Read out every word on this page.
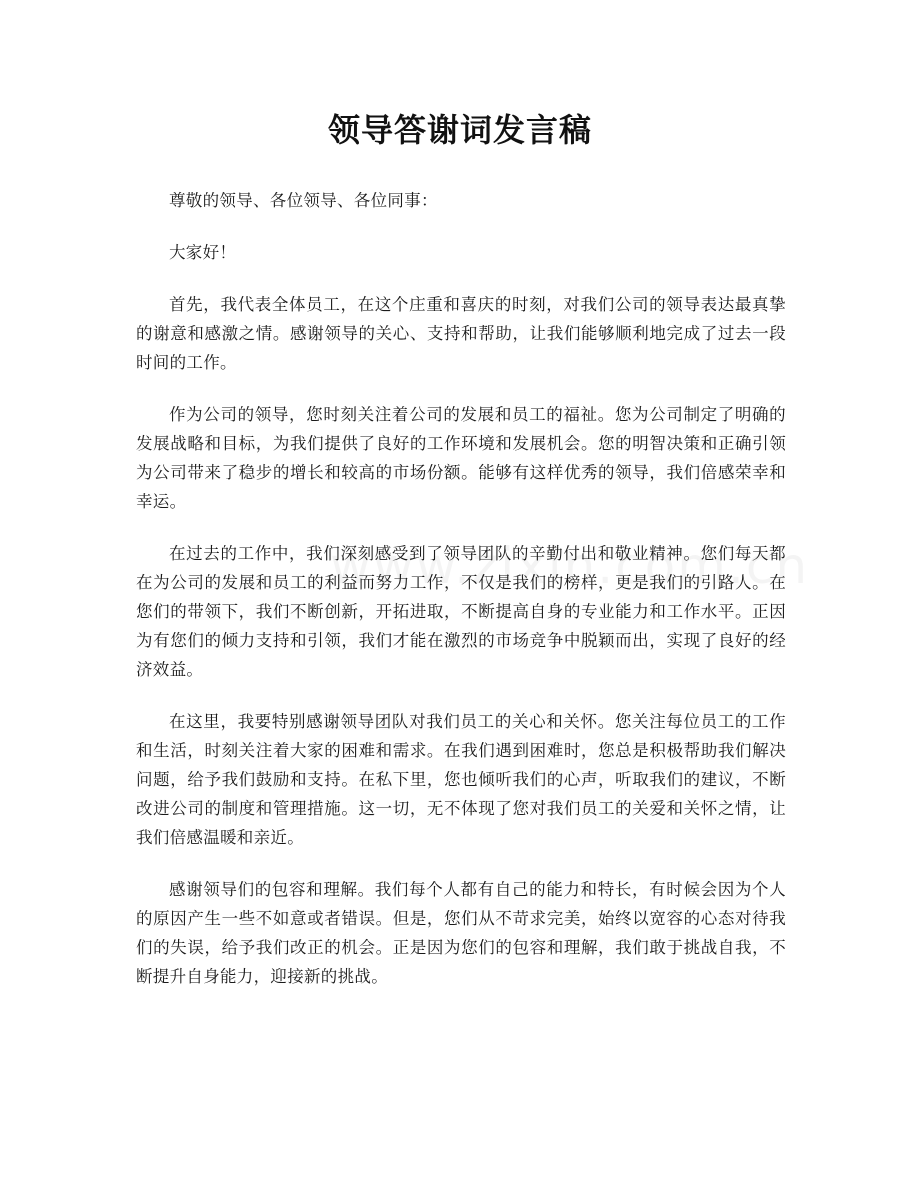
领导答谢词发言稿

尊敬的领导、各位领导、各位同事：

大家好！

首先，我代表全体员工，在这个庄重和喜庆的时刻，对我们公司的领导表达最真挚的谢意和感激之情。感谢领导的关心、支持和帮助，让我们能够顺利地完成了过去一段时间的工作。

作为公司的领导，您时刻关注着公司的发展和员工的福祉。您为公司制定了明确的发展战略和目标，为我们提供了良好的工作环境和发展机会。您的明智决策和正确引领为公司带来了稳步的增长和较高的市场份额。能够有这样优秀的领导，我们倍感荣幸和幸运。

在过去的工作中，我们深刻感受到了领导团队的辛勤付出和敬业精神。您们每天都在为公司的发展和员工的利益而努力工作，不仅是我们的榜样，更是我们的引路人。在您们的带领下，我们不断创新，开拓进取，不断提高自身的专业能力和工作水平。正因为有您们的倾力支持和引领，我们才能在激烈的市场竞争中脱颖而出，实现了良好的经济效益。

在这里，我要特别感谢领导团队对我们员工的关心和关怀。您关注每位员工的工作和生活，时刻关注着大家的困难和需求。在我们遇到困难时，您总是积极帮助我们解决问题，给予我们鼓励和支持。在私下里，您也倾听我们的心声，听取我们的建议，不断改进公司的制度和管理措施。这一切，无不体现了您对我们员工的关爱和关怀之情，让我们倍感温暖和亲近。

感谢领导们的包容和理解。我们每个人都有自己的能力和特长，有时候会因为个人的原因产生一些不如意或者错误。但是，您们从不苛求完美，始终以宽容的心态对待我们的失误，给予我们改正的机会。正是因为您们的包容和理解，我们敢于挑战自我，不断提升自身能力，迎接新的挑战。
